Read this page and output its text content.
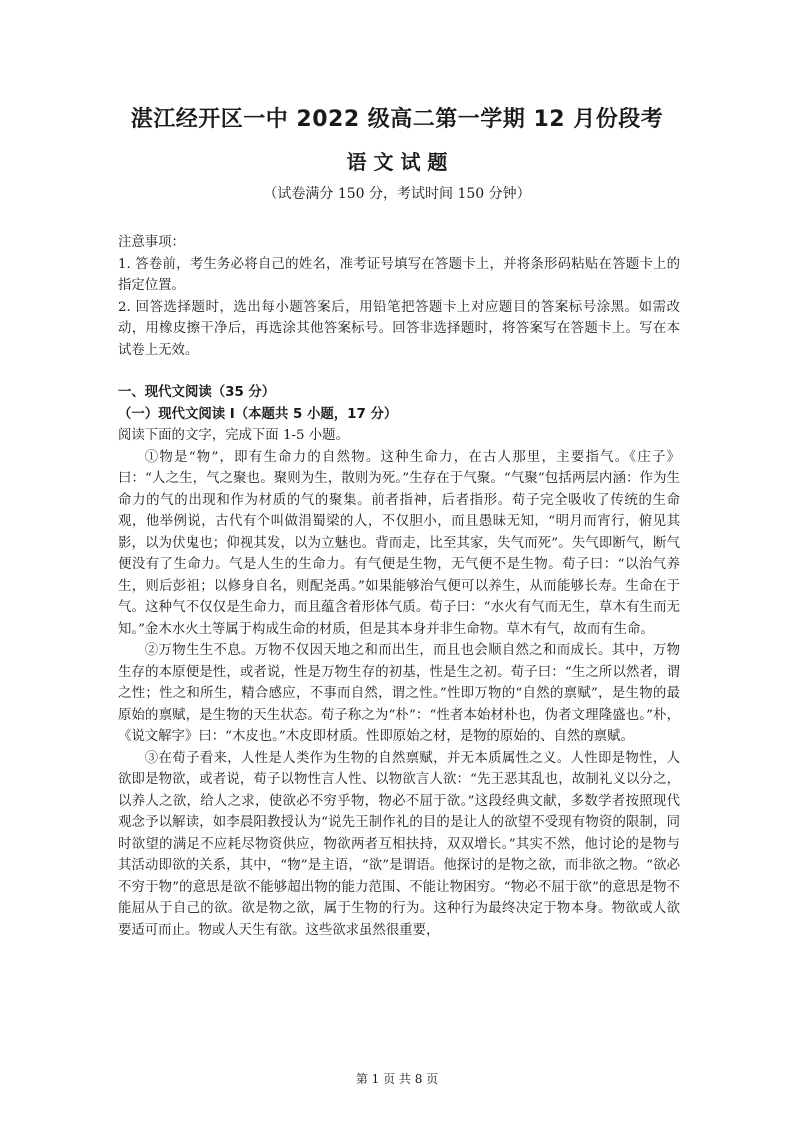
湛江经开区一中 2022 级高二第一学期 12 月份段考
语 文 试 题
（试卷满分 150 分，考试时间 150 分钟）

注意事项：

1. 答卷前，考生务必将自己的姓名，准考证号填写在答题卡上，并将条形码粘贴在答题卡上的指定位置。

2. 回答选择题时，选出每小题答案后，用铅笔把答题卡上对应题目的答案标号涂黑。如需改动，用橡皮擦干净后，再选涂其他答案标号。回答非选择题时，将答案写在答题卡上。写在本试卷上无效。

一、现代文阅读（35 分）

（一）现代文阅读 I（本题共 5 小题，17 分）

阅读下面的文字，完成下面 1-5 小题。

①物是“物”，即有生命力的自然物。这种生命力，在古人那里，主要指气。《庄子》曰：“人之生，气之聚也。聚则为生，散则为死。”生存在于气聚。“气聚”包括两层内涵：作为生命力的气的出现和作为材质的气的聚集。前者指神，后者指形。荀子完全吸收了传统的生命观，他举例说，古代有个叫做涓蜀梁的人，不仅胆小，而且愚昧无知，“明月而宵行，俯见其影，以为伏鬼也；仰视其发，以为立魅也。背而走，比至其家，失气而死”。失气即断气，断气便没有了生命力。气是人生的生命力。有气便是生物，无气便不是生物。荀子曰：“以治气养生，则后彭祖；以修身自名，则配尧禹。”如果能够治气便可以养生，从而能够长寿。生命在于气。这种气不仅仅是生命力，而且蕴含着形体气质。荀子曰：“水火有气而无生，草木有生而无知。”金木水火土等属于构成生命的材质，但是其本身并非生命物。草木有气，故而有生命。

②万物生生不息。万物不仅因天地之和而出生，而且也会顺自然之和而成长。其中，万物生存的本原便是性，或者说，性是万物生存的初基，性是生之初。荀子曰：“生之所以然者，谓之性；性之和所生，精合感应，不事而自然，谓之性。”性即万物的“自然的禀赋”，是生物的最原始的禀赋，是生物的天生状态。荀子称之为“朴”：“性者本始材朴也，伪者文理隆盛也。”朴，《说文解字》曰：“木皮也。”木皮即材质。性即原始之材，是物的原始的、自然的禀赋。

③在荀子看来，人性是人类作为生物的自然禀赋，并无本质属性之义。人性即是物性，人欲即是物欲，或者说，荀子以物性言人性、以物欲言人欲：“先王恶其乱也，故制礼义以分之，以养人之欲，给人之求，使欲必不穷乎物，物必不屈于欲。”这段经典文献，多数学者按照现代观念予以解读，如李晨阳教授认为“说先王制作礼的目的是让人的欲望不受现有物资的限制，同时欲望的满足不应耗尽物资供应，物欲两者互相扶持，双双增长。”其实不然，他讨论的是物与其活动即欲的关系，其中，“物”是主语，“欲”是谓语。他探讨的是物之欲，而非欲之物。“欲必不穷于物”的意思是欲不能够超出物的能力范围、不能让物困穷。“物必不屈于欲”的意思是物不能屈从于自己的欲。欲是物之欲，属于生物的行为。这种行为最终决定于物本身。物欲或人欲要适可而止。物或人天生有欲。这些欲求虽然很重要，

第 1 页 共 8 页
